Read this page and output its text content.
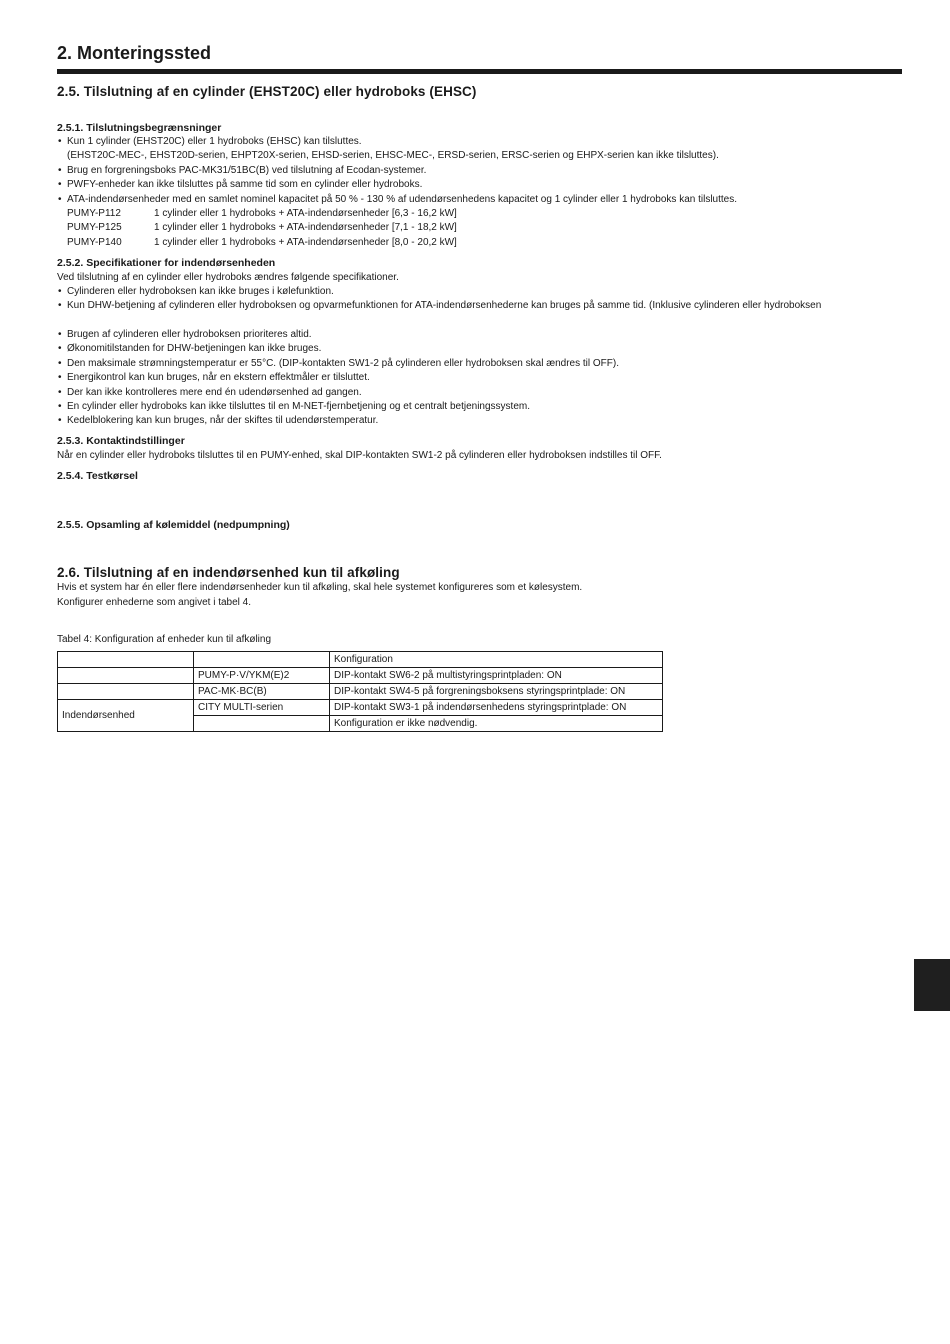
2. Monteringssted
2.5. Tilslutning af en cylinder (EHST20C) eller hydroboks (EHSC)
2.5.1. Tilslutningsbegrænsninger
• Kun 1 cylinder (EHST20C) eller 1 hydroboks (EHSC) kan tilsluttes.
(EHST20C-MEC-, EHST20D-serien, EHPT20X-serien, EHSD-serien, EHSC-MEC-, ERSD-serien, ERSC-serien og EHPX-serien kan ikke tilsluttes).
• Brug en forgreningsboks PAC-MK31/51BC(B) ved tilslutning af Ecodan-systemer.
• PWFY-enheder kan ikke tilsluttes på samme tid som en cylinder eller hydroboks.
• ATA-indendørsenheder med en samlet nominel kapacitet på 50 % - 130 % af udendørsenhedens kapacitet og 1 cylinder eller 1 hydroboks kan tilsluttes.
PUMY-P112	1 cylinder eller 1 hydroboks + ATA-indendørsenheder [6,3 - 16,2 kW]
PUMY-P125	1 cylinder eller 1 hydroboks + ATA-indendørsenheder [7,1 - 18,2 kW]
PUMY-P140	1 cylinder eller 1 hydroboks + ATA-indendørsenheder [8,0 - 20,2 kW]
2.5.2. Specifikationer for indendørsenheden

Ved tilslutning af en cylinder eller hydroboks ændres følgende specifikationer.

• Cylinderen eller hydroboksen kan ikke bruges i kølefunktion.
• Kun DHW-betjening af cylinderen eller hydroboksen og opvarmefunktionen for ATA-indendørsenhederne kan bruges på samme tid. (Inklusive cylinderen eller hydroboksen
• Brugen af cylinderen eller hydroboksen prioriteres altid.
• Økonomitilstanden for DHW-betjeningen kan ikke bruges.
• Den maksimale strømningstemperatur er 55°C. (DIP-kontakten SW1-2 på cylinderen eller hydroboksen skal ændres til OFF).
• Energikontrol kan kun bruges, når en ekstern effektmåler er tilsluttet.
• Der kan ikke kontrolleres mere end én udendørsenhed ad gangen.
• En cylinder eller hydroboks kan ikke tilsluttes til en M-NET-fjernbetjening og et centralt betjeningssystem.
• Kedelblokering kan kun bruges, når der skiftes til udendørstemperatur.
2.5.3. Kontaktindstillinger

Når en cylinder eller hydroboks tilsluttes til en PUMY-enhed, skal DIP-kontakten SW1-2 på cylinderen eller hydroboksen indstilles til OFF.

2.5.4. Testkørsel
2.5.5. Opsamling af kølemiddel (nedpumpning)
2.6. Tilslutning af en indendørsenhed kun til afkøling

Hvis et system har én eller flere indendørsenheder kun til afkøling, skal hele systemet konfigureres som et kølesystem.

Konfigurer enhederne som angivet i tabel 4.

Tabel 4: Konfiguration af enheder kun til afkøling
		Konfiguration
	PUMY-P·V/YKM(E)2	DIP-kontakt SW6-2 på multistyringsprintpladen: ON
	PAC-MK·BC(B)	DIP-kontakt SW4-5 på forgreningsboksens styringsprintplade: ON
Indendørsenhed	CITY MULTI-serien	DIP-kontakt SW3-1 på indendørsenhedens styringsprintplade: ON
		Konfiguration er ikke nødvendig.
